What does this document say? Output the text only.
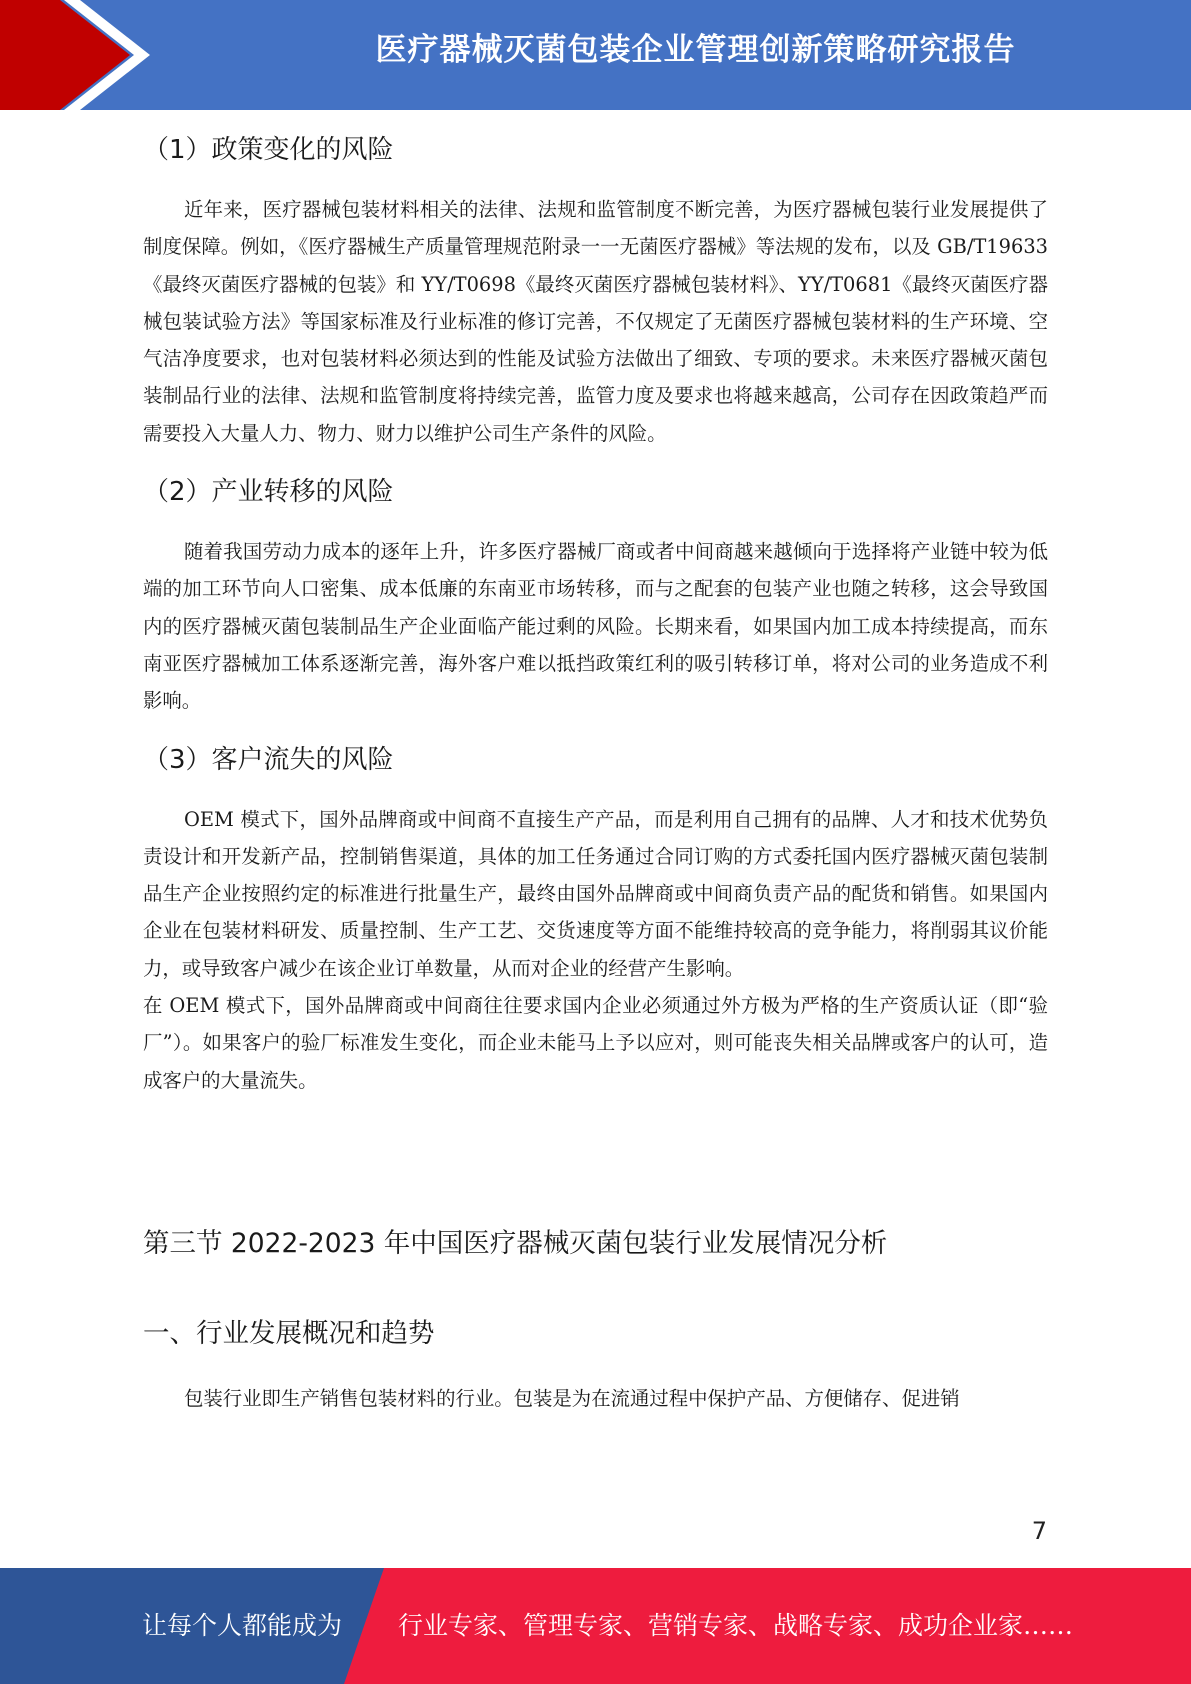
医疗器械灭菌包装企业管理创新策略研究报告
（1）政策变化的风险

近年来，医疗器械包装材料相关的法律、法规和监管制度不断完善，为医疗器械包装行业发展提供了制度保障。例如，《医疗器械生产质量管理规范附录一一无菌医疗器械》等法规的发布，以及 GB/T19633《最终灭菌医疗器械的包装》和 YY/T0698《最终灭菌医疗器械包装材料》、YY/T0681《最终灭菌医疗器械包装试验方法》等国家标准及行业标准的修订完善，不仅规定了无菌医疗器械包装材料的生产环境、空气洁净度要求，也对包装材料必须达到的性能及试验方法做出了细致、专项的要求。未来医疗器械灭菌包装制品行业的法律、法规和监管制度将持续完善，监管力度及要求也将越来越高，公司存在因政策趋严而需要投入大量人力、物力、财力以维护公司生产条件的风险。

（2）产业转移的风险

随着我国劳动力成本的逐年上升，许多医疗器械厂商或者中间商越来越倾向于选择将产业链中较为低端的加工环节向人口密集、成本低廉的东南亚市场转移，而与之配套的包装产业也随之转移，这会导致国内的医疗器械灭菌包装制品生产企业面临产能过剩的风险。长期来看，如果国内加工成本持续提高，而东南亚医疗器械加工体系逐渐完善，海外客户难以抵挡政策红利的吸引转移订单，将对公司的业务造成不利影响。

（3）客户流失的风险

OEM 模式下，国外品牌商或中间商不直接生产产品，而是利用自己拥有的品牌、人才和技术优势负责设计和开发新产品，控制销售渠道，具体的加工任务通过合同订购的方式委托国内医疗器械灭菌包装制品生产企业按照约定的标准进行批量生产，最终由国外品牌商或中间商负责产品的配货和销售。如果国内企业在包装材料研发、质量控制、生产工艺、交货速度等方面不能维持较高的竞争能力，将削弱其议价能力，或导致客户减少在该企业订单数量，从而对企业的经营产生影响。

在 OEM 模式下，国外品牌商或中间商往往要求国内企业必须通过外方极为严格的生产资质认证（即“验厂”）。如果客户的验厂标准发生变化，而企业未能马上予以应对，则可能丧失相关品牌或客户的认可，造成客户的大量流失。

第三节 2022-2023 年中国医疗器械灭菌包装行业发展情况分析
一、行业发展概况和趋势

包装行业即生产销售包装材料的行业。包装是为在流通过程中保护产品、方便储存、促进销

7
让每个人都能成为 行业专家、管理专家、营销专家、战略专家、成功企业家……
